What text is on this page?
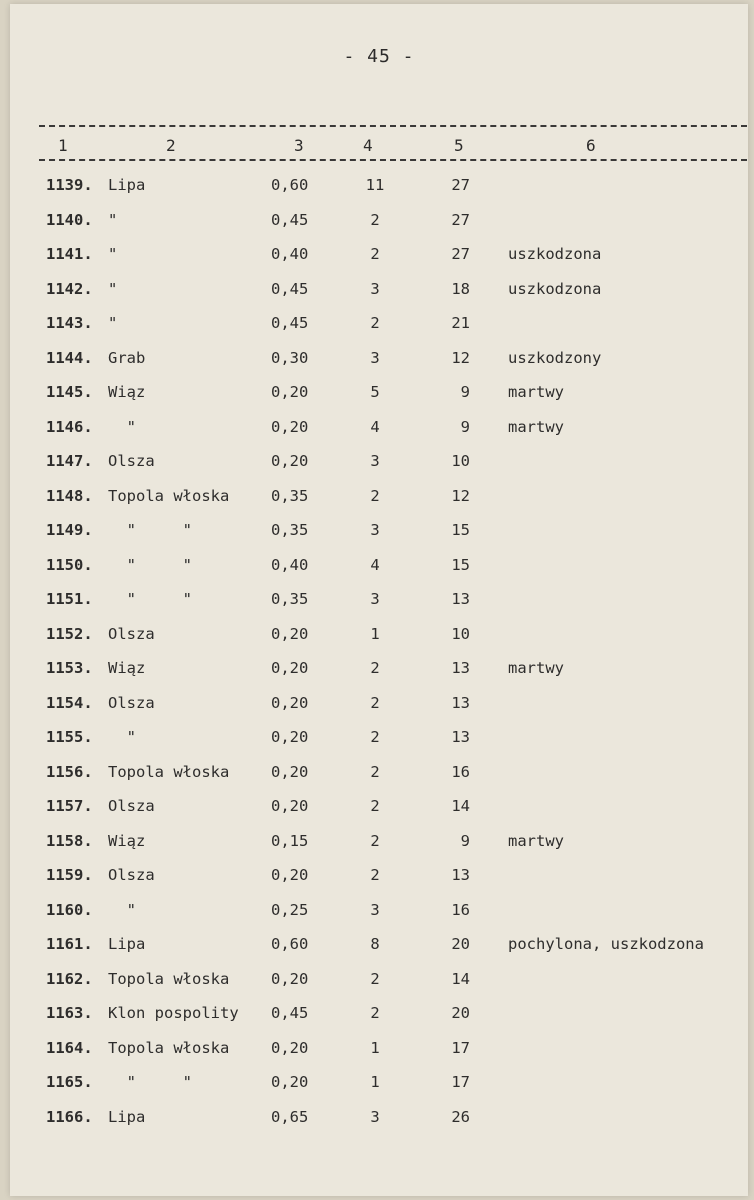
- 45 -
1	2	3	4	5	6
1139. Lipa	0,60	11	27
1140. "	0,45	2	27
1141. "	0,40	2	27 uszkodzona
1142. "	0,45	3	18 uszkodzona
1143. "	0,45	2	21
1144. Grab	0,30	3	12 uszkodzony
1145. Wiąz	0,20	5	9 martwy
1146. "	0,20	4	9 martwy
1147. Olsza	0,20	3	10
1148. Topola włoska	0,35	2	12
1149. "     "	0,35	3	15
1150. "     "	0,40	4	15
1151. "     "	0,35	3	13
1152. Olsza	0,20	1	10
1153. Wiąz	0,20	2	13 martwy
1154. Olsza	0,20	2	13
1155. "	0,20	2	13
1156. Topola włoska	0,20	2	16
1157. Olsza	0,20	2	14
1158. Wiąz	0,15	2	9 martwy
1159. Olsza	0,20	2	13
1160. "	0,25	3	16
1161. Lipa	0,60	8	20 pochylona, uszkodzona
1162. Topola włoska	0,20	2	14
1163. Klon pospolity 0,45	2	20
1164. Topola włoska	0,20	1	17
1165. "     "	0,20	1	17
1166. Lipa	0,65	3	26
